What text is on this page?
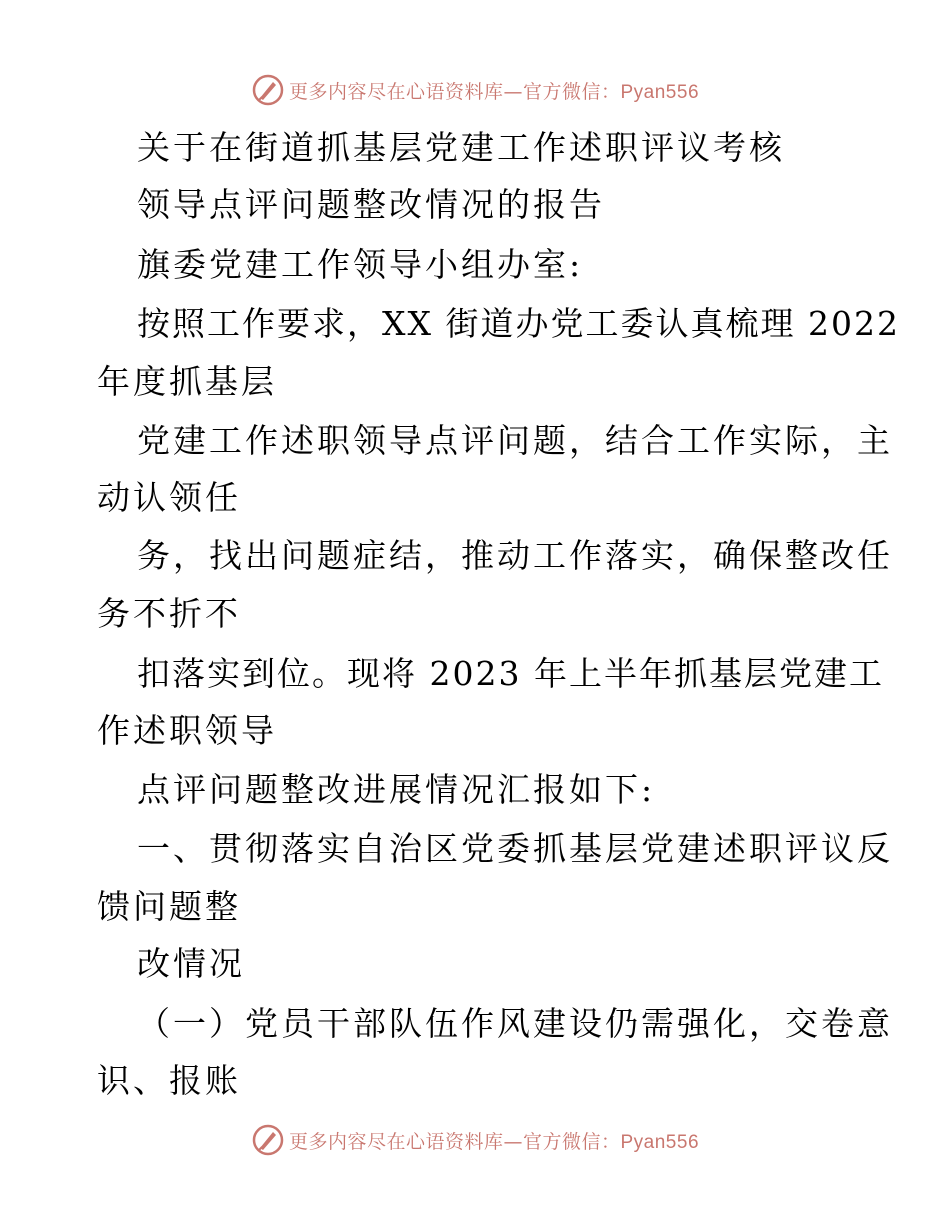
更多内容尽在心语资料库—官方微信：Pyan556
关于在街道抓基层党建工作述职评议考核
领导点评问题整改情况的报告
旗委党建工作领导小组办室:
按照工作要求，XX 街道办党工委认真梳理 2022
年度抓基层
党建工作述职领导点评问题，结合工作实际，主
动认领任
务，找出问题症结，推动工作落实，确保整改任
务不折不
扣落实到位。现将 2023 年上半年抓基层党建工
作述职领导
点评问题整改进展情况汇报如下:
一、贯彻落实自治区党委抓基层党建述职评议反
馈问题整
改情况
（一）党员干部队伍作风建设仍需强化，交卷意
识、报账
更多内容尽在心语资料库—官方微信：Pyan556
